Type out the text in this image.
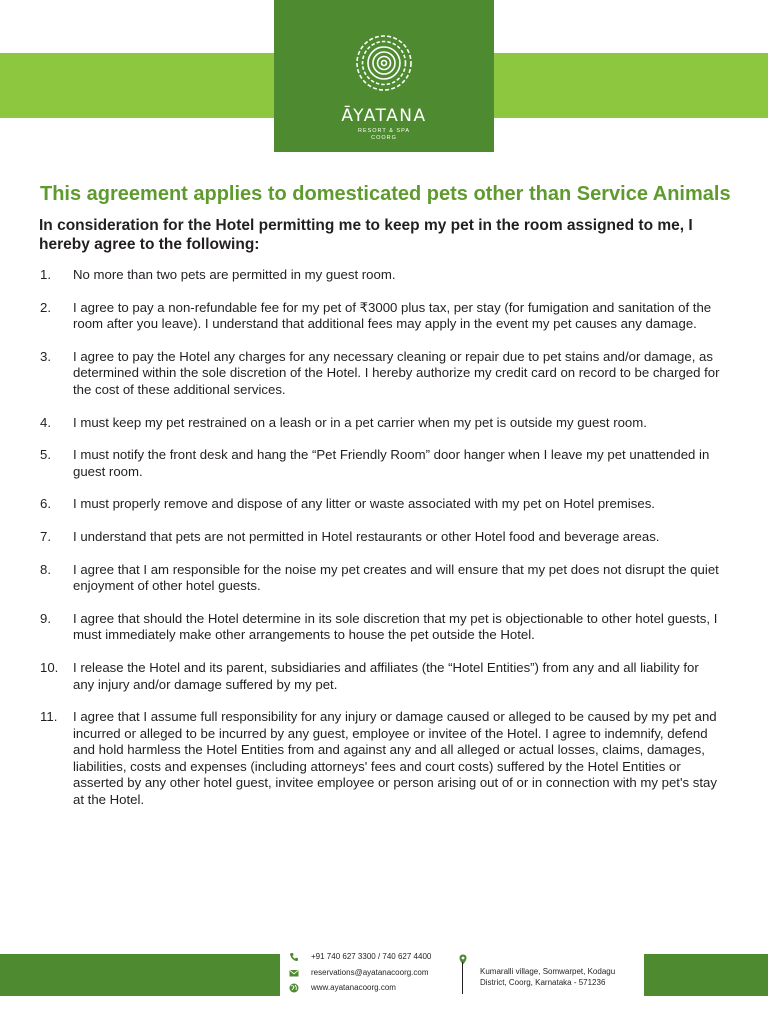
ĀYATANA
RESORT & SPA
COORG
This agreement applies to domesticated pets other than Service Animals
In consideration for the Hotel permitting me to keep my pet in the room assigned to me, I hereby agree to the following:
1. No more than two pets are permitted in my guest room.
2. I agree to pay a non-refundable fee for my pet of ₹3000 plus tax, per stay (for fumigation and sanitation of the room after you leave). I understand that additional fees may apply in the event my pet causes any damage.
3. I agree to pay the Hotel any charges for any necessary cleaning or repair due to pet stains and/or damage, as determined within the sole discretion of the Hotel. I hereby authorize my credit card on record to be charged for the cost of these additional services.
4. I must keep my pet restrained on a leash or in a pet carrier when my pet is outside my guest room.
5. I must notify the front desk and hang the “Pet Friendly Room” door hanger when I leave my pet unattended in guest room.
6. I must properly remove and dispose of any litter or waste associated with my pet on Hotel premises.
7. I understand that pets are not permitted in Hotel restaurants or other Hotel food and beverage areas.
8. I agree that I am responsible for the noise my pet creates and will ensure that my pet does not disrupt the quiet enjoyment of other hotel guests.
9. I agree that should the Hotel determine in its sole discretion that my pet is objectionable to other hotel guests, I must immediately make other arrangements to house the pet outside the Hotel.
10. I release the Hotel and its parent, subsidiaries and affiliates (the “Hotel Entities”) from any and all liability for any injury and/or damage suffered by my pet.
11. I agree that I assume full responsibility for any injury or damage caused or alleged to be caused by my pet and incurred or alleged to be incurred by any guest, employee or invitee of the Hotel. I agree to indemnify, defend and hold harmless the Hotel Entities from and against any and all alleged or actual losses, claims, damages, liabilities, costs and expenses (including attorneys' fees and court costs) suffered by the Hotel Entities or asserted by any other hotel guest, invitee employee or person arising out of or in connection with my pet's stay at the Hotel.
+91 740 627 3300 / 740 627 4400
reservations@ayatanacoorg.com
www.ayatanacoorg.com
Kumaralli village, Somwarpet, Kodagu District, Coorg, Karnataka - 571236
